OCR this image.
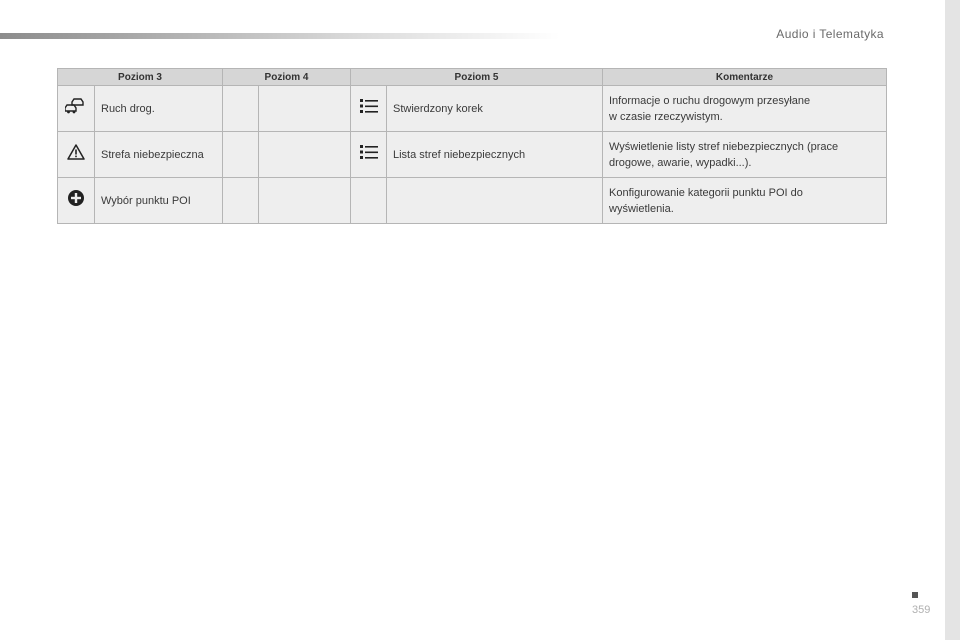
Audio i Telematyka
Poziom 3		Poziom 4		Poziom 5		Komentarze
	Ruch drog.				Stwierdzony korek	Informacje o ruchu drogowym przesyłane
w czasie rzeczywistym.

	Strefa niebezpieczna				Lista stref niebezpiecznych	Wyświetlenie listy stref niebezpiecznych (prace
drogowe, awarie, wypadki...).

	Wybór punktu POI					Konfigurowanie kategorii punktu POI do
wyświetlenia.
359
